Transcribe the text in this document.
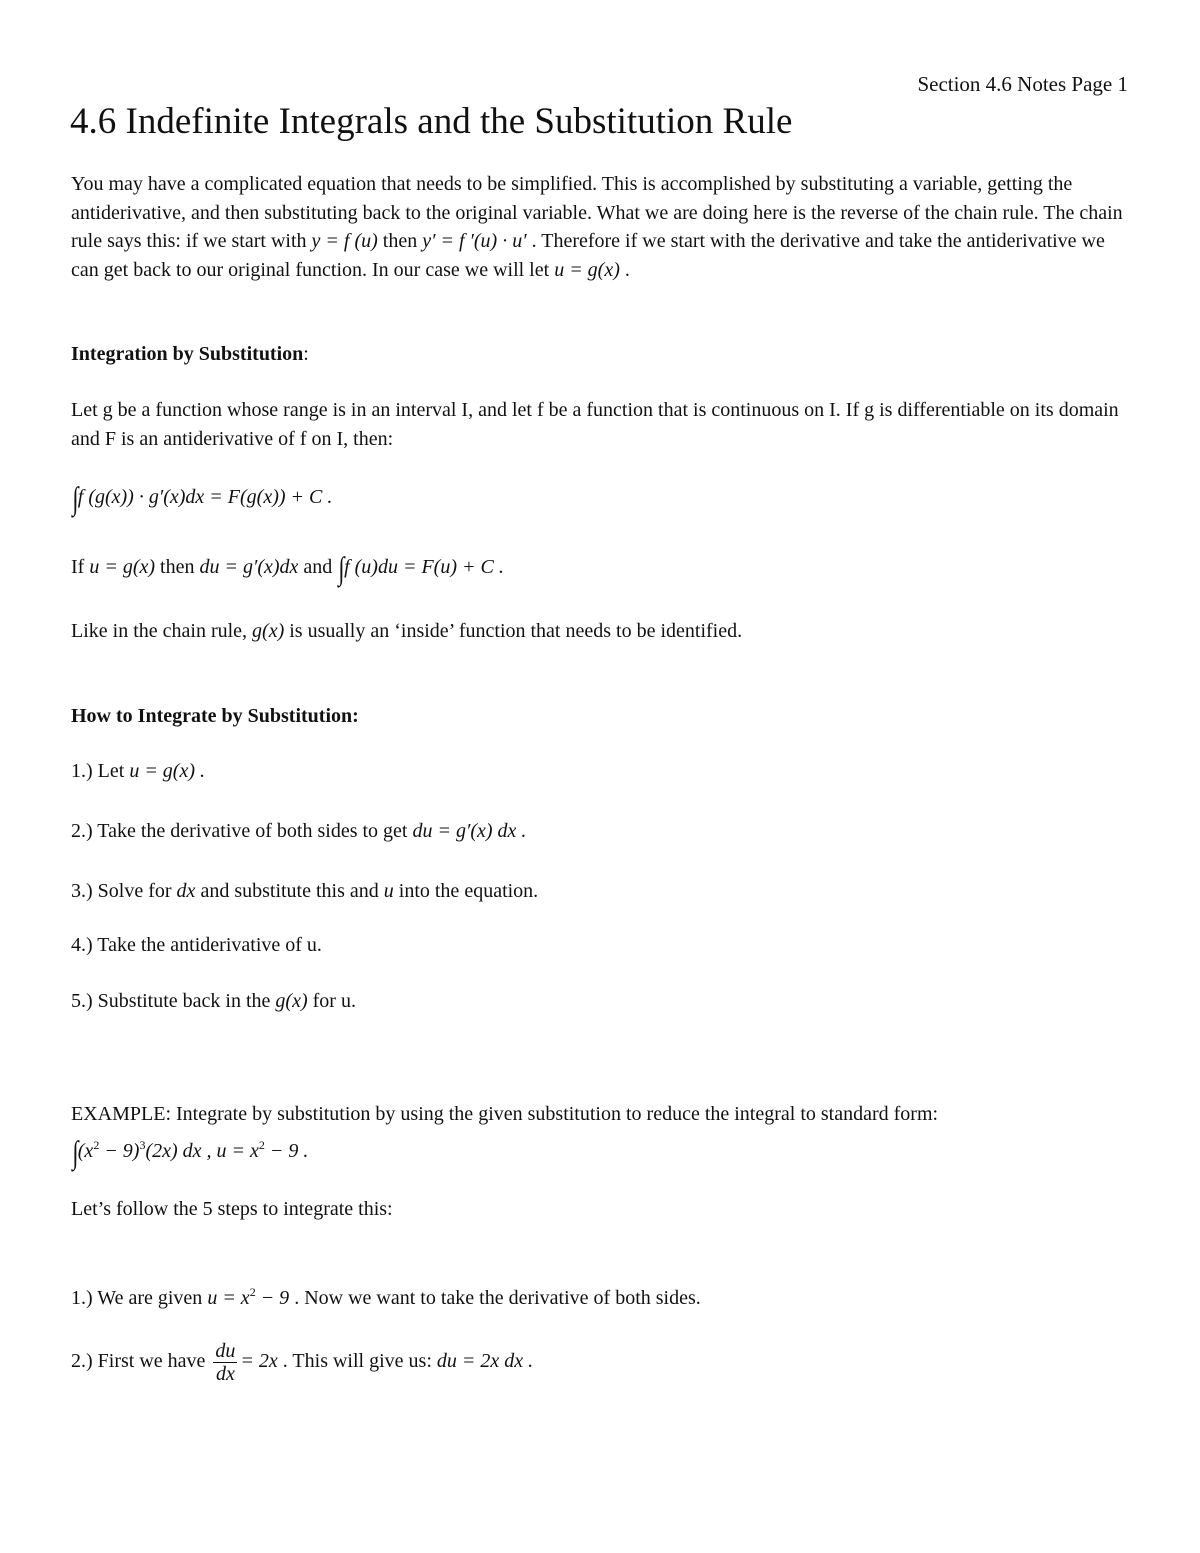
Section 4.6 Notes Page 1
4.6 Indefinite Integrals and the Substitution Rule
You may have a complicated equation that needs to be simplified. This is accomplished by substituting a variable, getting the antiderivative, and then substituting back to the original variable. What we are doing here is the reverse of the chain rule. The chain rule says this: if we start with y = f (u) then y′ = f ′(u) · u′ . Therefore if we start with the derivative and take the antiderivative we can get back to our original function. In our case we will let u = g(x) .
Integration by Substitution:
Let g be a function whose range is in an interval I, and let f be a function that is continuous on I. If g is differentiable on its domain and F is an antiderivative of f on I, then:
∫f (g(x)) · g′(x)dx = F(g(x)) + C .
If u = g(x) then du = g′(x)dx and ∫f (u)du = F(u) + C .
Like in the chain rule, g(x) is usually an ‘inside’ function that needs to be identified.
How to Integrate by Substitution:
1.) Let u = g(x) .
2.) Take the derivative of both sides to get du = g′(x) dx .
3.) Solve for dx and substitute this and u into the equation.
4.) Take the antiderivative of u.
5.) Substitute back in the g(x) for u.
EXAMPLE: Integrate by substitution by using the given substitution to reduce the integral to standard form:
$\int(x^2 - 9)^3(2x)$ dx , $u = x^2 - 9$ .
Let’s follow the 5 steps to integrate this:
1.) We are given $u = x^2 - 9$ . Now we want to take the derivative of both sides.
2.) First we have $\frac{du}{dx} = 2x$ . This will give us: du = 2x dx .
